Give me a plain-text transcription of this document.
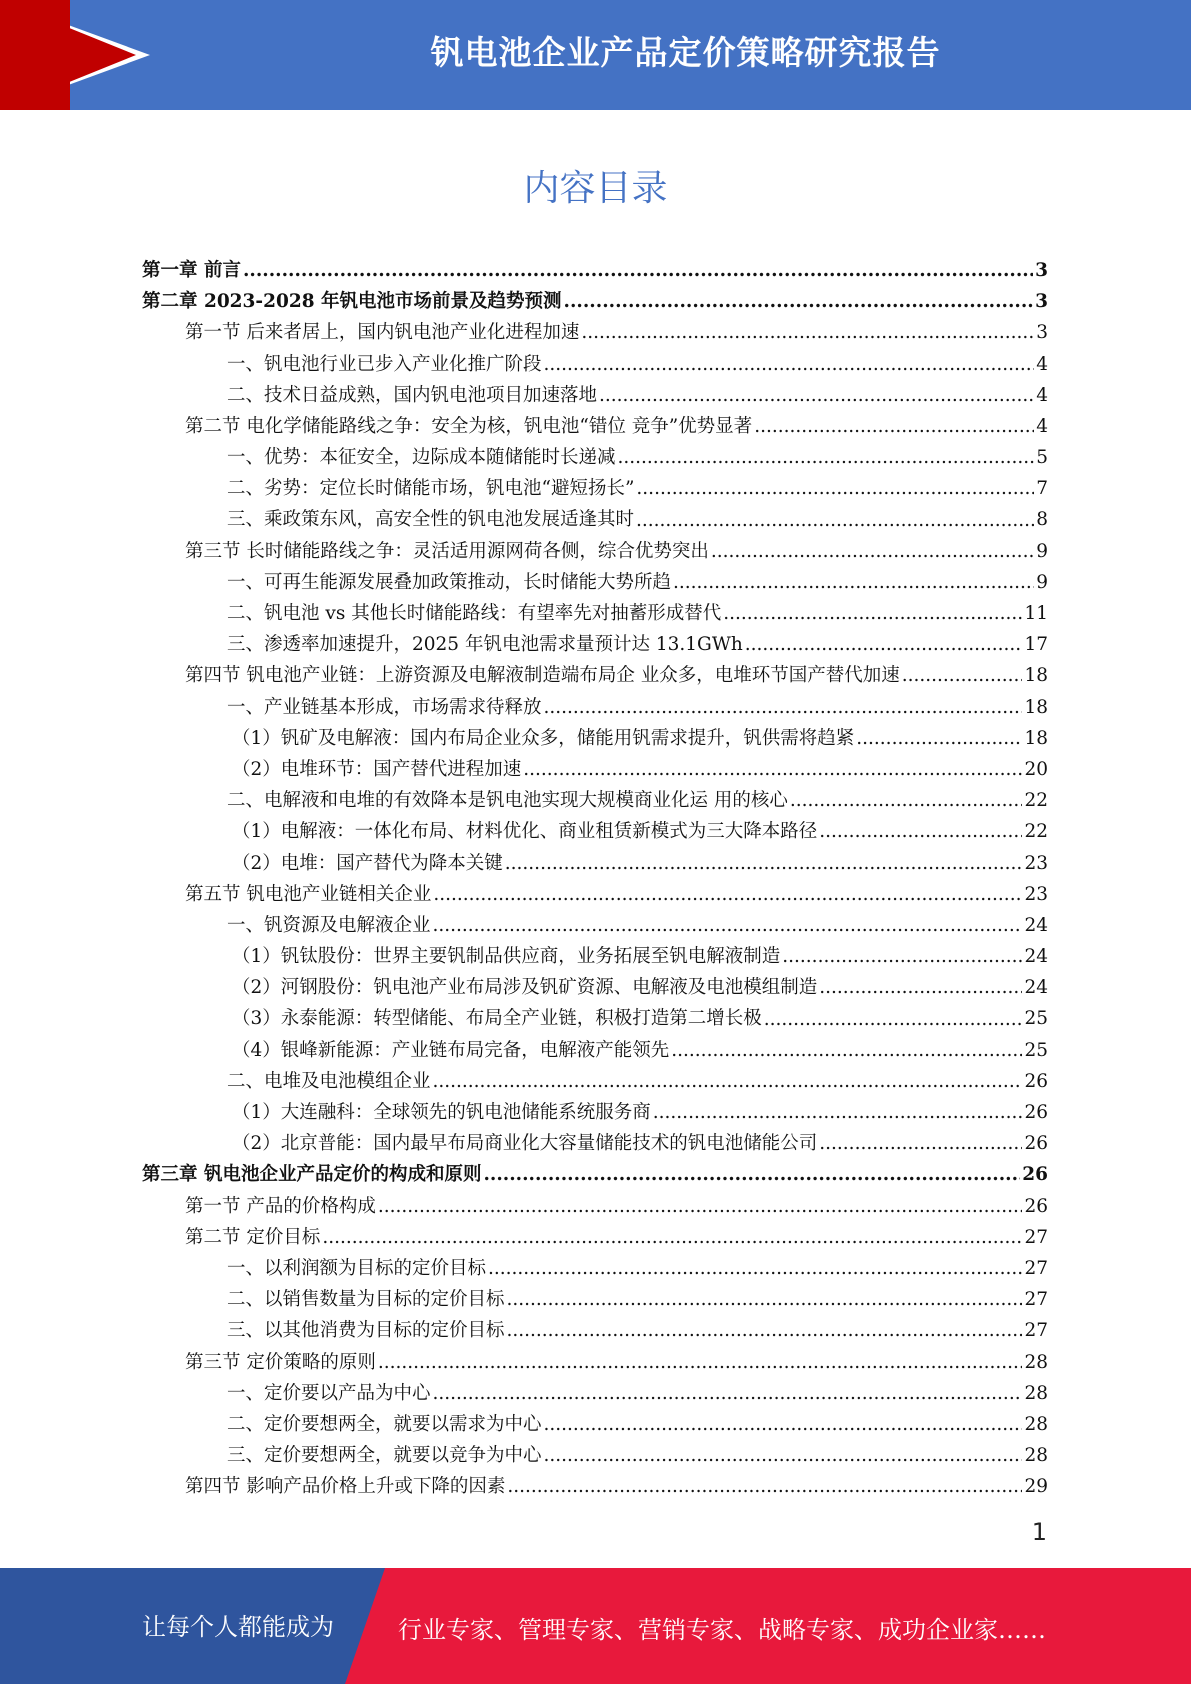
钒电池企业产品定价策略研究报告
内容目录
第一章 前言 .....	3
第二章 2023-2028 年钒电池市场前景及趋势预测 .....	3
第一节 后来者居上，国内钒电池产业化进程加速 .....	3
一、钒电池行业已步入产业化推广阶段 .....	4
二、技术日益成熟，国内钒电池项目加速落地 .....	4
第二节 电化学储能路线之争：安全为核，钒电池“错位 竞争”优势显著 .....	4
一、优势：本征安全，边际成本随储能时长递减 .....	5
二、劣势：定位长时储能市场，钒电池“避短扬长” .....	7
三、乘政策东风，高安全性的钒电池发展适逢其时 .....	8
第三节 长时储能路线之争：灵活适用源网荷各侧，综合优势突出 .....	9
一、可再生能源发展叠加政策推动，长时储能大势所趋 .....	9
二、钒电池 vs 其他长时储能路线：有望率先对抽蓄形成替代 .....	11
三、渗透率加速提升，2025 年钒电池需求量预计达 13.1GWh .....	17
第四节 钒电池产业链：上游资源及电解液制造端布局企 业众多，电堆环节国产替代加速 .....	18
一、产业链基本形成，市场需求待释放 .....	18
（1）钒矿及电解液：国内布局企业众多，储能用钒需求提升，钒供需将趋紧 .....	18
（2）电堆环节：国产替代进程加速 .....	20
二、电解液和电堆的有效降本是钒电池实现大规模商业化运 用的核心 .....	22
（1）电解液：一体化布局、材料优化、商业租赁新模式为三大降本路径 .....	22
（2）电堆：国产替代为降本关键 .....	23
第五节 钒电池产业链相关企业 .....	23
一、钒资源及电解液企业 .....	24
（1）钒钛股份：世界主要钒制品供应商，业务拓展至钒电解液制造 .....	24
（2）河钢股份：钒电池产业布局涉及钒矿资源、电解液及电池模组制造 .....	24
（3）永泰能源：转型储能、布局全产业链，积极打造第二增长极 .....	25
（4）银峰新能源：产业链布局完备，电解液产能领先 .....	25
二、电堆及电池模组企业 .....	26
（1）大连融科：全球领先的钒电池储能系统服务商 .....	26
（2）北京普能：国内最早布局商业化大容量储能技术的钒电池储能公司 .....	26
第三章 钒电池企业产品定价的构成和原则 .....	26
第一节 产品的价格构成 .....	26
第二节 定价目标 .....	27
一、以利润额为目标的定价目标 .....	27
二、以销售数量为目标的定价目标 .....	27
三、以其他消费为目标的定价目标 .....	27
第三节 定价策略的原则 .....	28
一、定价要以产品为中心 .....	28
二、定价要想两全，就要以需求为中心 .....	28
三、定价要想两全，就要以竞争为中心 .....	28
第四节 影响产品价格上升或下降的因素 .....	29
1
让每个人都能成为	行业专家、管理专家、营销专家、战略专家、成功企业家……
